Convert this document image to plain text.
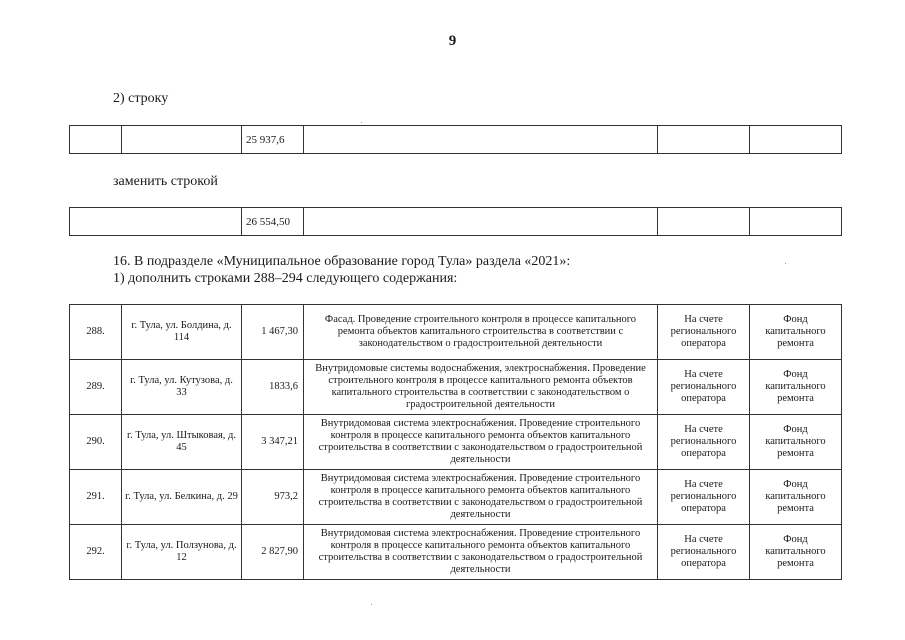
9
2) строку
		25 937,6			
заменить строкой
	26 554,50			
16. В подразделе «Муниципальное образование город Тула» раздела «2021»:
1) дополнить строками 288–294 следующего содержания:
288.	г. Тула, ул. Болдина, д. 114	1 467,30	Фасад. Проведение строительного контроля в процессе капитального ремонта объектов капитального строительства в соответствии с законодательством о градостроительной деятельности	На счете регионального оператора	Фонд капитального ремонта
289.	г. Тула, ул. Кутузова, д. 33	1833,6	Внутридомовые системы водоснабжения, электроснабжения. Проведение строительного контроля в процессе капитального ремонта объектов капитального строительства в соответствии с законодательством о градостроительной деятельности	На счете регионального оператора	Фонд капитального ремонта
290.	г. Тула, ул. Штыковая, д. 45	3 347,21	Внутридомовая система электроснабжения. Проведение строительного контроля в процессе капитального ремонта объектов капитального строительства в соответствии с законодательством о градостроительной деятельности	На счете регионального оператора	Фонд капитального ремонта
291.	г. Тула, ул. Белкина, д. 29	973,2	Внутридомовая система электроснабжения. Проведение строительного контроля в процессе капитального ремонта объектов капитального строительства в соответствии с законодательством о градостроительной деятельности	На счете регионального оператора	Фонд капитального ремонта
292.	г. Тула, ул. Ползунова, д. 12	2 827,90	Внутридомовая система электроснабжения. Проведение строительного контроля в процессе капитального ремонта объектов капитального строительства в соответствии с законодательством о градостроительной деятельности	На счете регионального оператора	Фонд капитального ремонта
